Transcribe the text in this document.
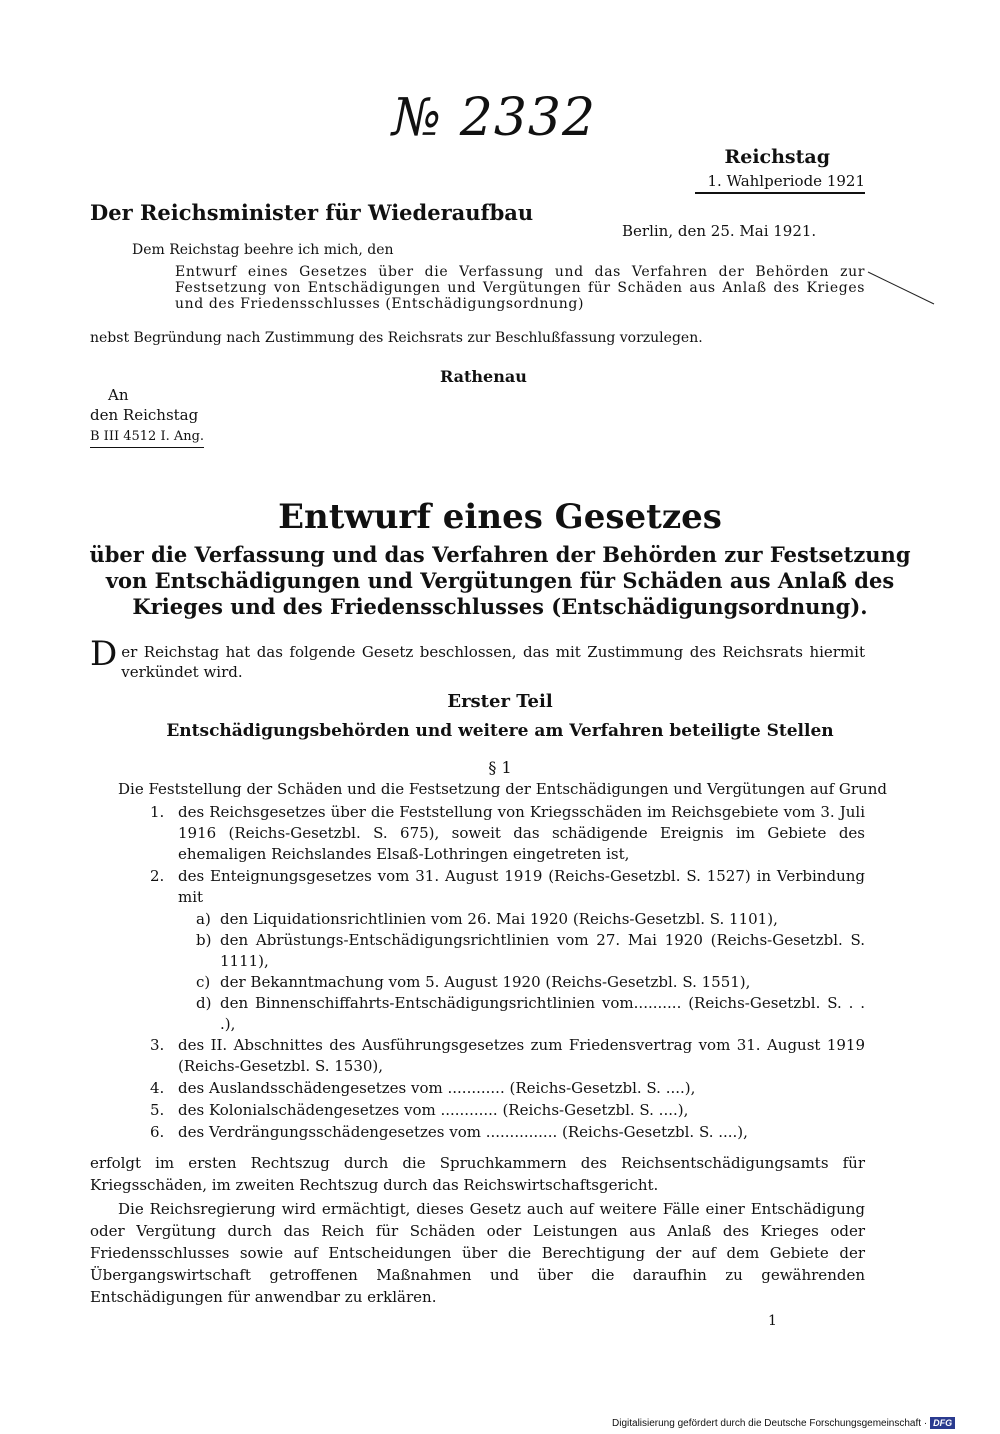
№ 2332
Reichstag
1. Wahlperiode 1921
Der Reichsminister für Wiederaufbau
Berlin, den 25. Mai 1921.
Dem Reichstag beehre ich mich, den
Entwurf eines Gesetzes über die Verfassung und das Verfahren der Behörden zur Festsetzung von Entschädigungen und Vergütungen für Schäden aus Anlaß des Krieges und des Friedensschlusses (Entschädigungsordnung)
nebst Begründung nach Zustimmung des Reichsrats zur Beschlußfassung vorzulegen.
Rathenau
An
den Reichstag
B III 4512 I. Ang.
Entwurf eines Gesetzes
über die Verfassung und das Verfahren der Behörden zur Festsetzung von Entschädigungen und Vergütungen für Schäden aus Anlaß des Krieges und des Friedensschlusses (Entschädigungsordnung).
Der Reichstag hat das folgende Gesetz beschlossen, das mit Zustimmung des Reichsrats hiermit verkündet wird.
Erster Teil
Entschädigungsbehörden und weitere am Verfahren beteiligte Stellen
§ 1
Die Feststellung der Schäden und die Festsetzung der Entschädigungen und Vergütungen auf Grund
1. des Reichsgesetzes über die Feststellung von Kriegsschäden im Reichsgebiete vom 3. Juli 1916 (Reichs-Gesetzbl. S. 675), soweit das schädigende Ereignis im Gebiete des ehemaligen Reichslandes Elsaß-Lothringen eingetreten ist,
2. des Enteignungsgesetzes vom 31. August 1919 (Reichs-Gesetzbl. S. 1527) in Verbindung mit
a) den Liquidationsrichtlinien vom 26. Mai 1920 (Reichs-Gesetzbl. S. 1101),
b) den Abrüstungs-Entschädigungsrichtlinien vom 27. Mai 1920 (Reichs-Gesetzbl. S. 1111),
c) der Bekanntmachung vom 5. August 1920 (Reichs-Gesetzbl. S. 1551),
d) den Binnenschiffahrts-Entschädigungsrichtlinien vom.......... (Reichs-Gesetzbl. S. . . .),
3. des II. Abschnittes des Ausführungsgesetzes zum Friedensvertrag vom 31. August 1919 (Reichs-Gesetzbl. S. 1530),
4. des Auslandsschädengesetzes vom ............ (Reichs-Gesetzbl. S. ....),
5. des Kolonialschädengesetzes vom ............ (Reichs-Gesetzbl. S. ....),
6. des Verdrängungsschädengesetzes vom ............... (Reichs-Gesetzbl. S. ....),
erfolgt im ersten Rechtszug durch die Spruchkammern des Reichsentschädigungsamts für Kriegsschäden, im zweiten Rechtszug durch das Reichswirtschaftsgericht.
Die Reichsregierung wird ermächtigt, dieses Gesetz auch auf weitere Fälle einer Entschädigung oder Vergütung durch das Reich für Schäden oder Leistungen aus Anlaß des Krieges oder Friedensschlusses sowie auf Entscheidungen über die Berechtigung der auf dem Gebiete der Übergangswirtschaft getroffenen Maßnahmen und über die daraufhin zu gewährenden Entschädigungen für anwendbar zu erklären.
1
Digitalisierung gefördert durch die Deutsche Forschungsgemeinschaft · DFG
